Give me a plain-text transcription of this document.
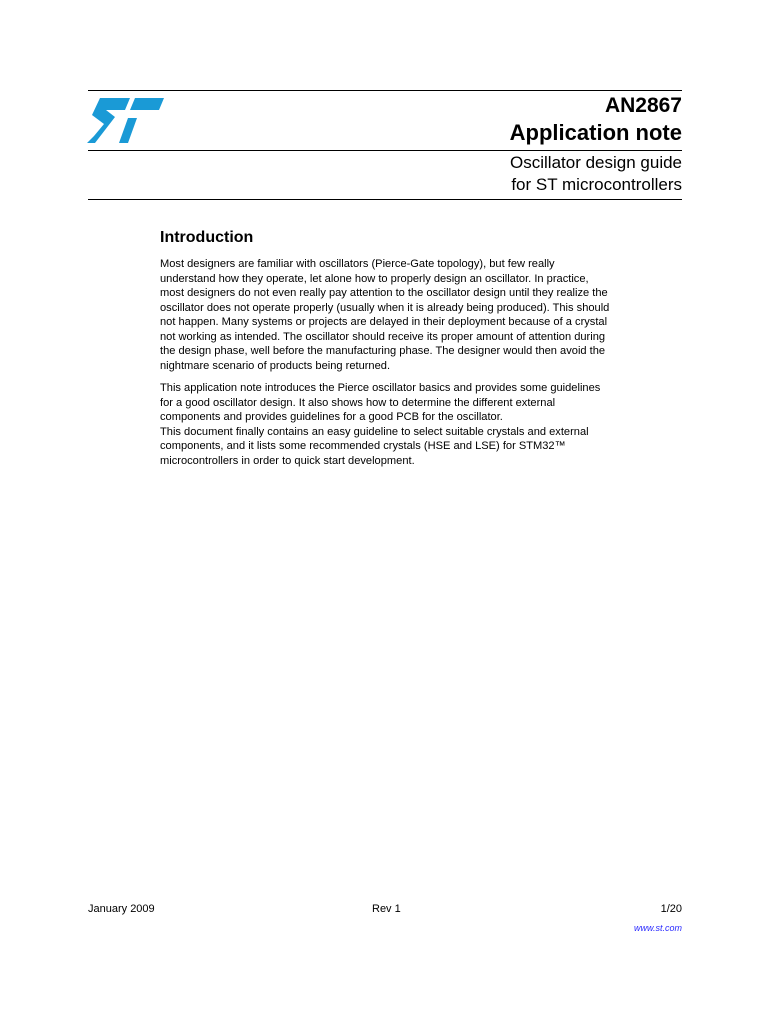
AN2867
Application note
Oscillator design guide
for ST microcontrollers
Introduction
Most designers are familiar with oscillators (Pierce-Gate topology), but few really
understand how they operate, let alone how to properly design an oscillator. In practice,
most designers do not even really pay attention to the oscillator design until they realize the
oscillator does not operate properly (usually when it is already being produced). This should
not happen. Many systems or projects are delayed in their deployment because of a crystal
not working as intended. The oscillator should receive its proper amount of attention during
the design phase, well before the manufacturing phase. The designer would then avoid the
nightmare scenario of products being returned.
This application note introduces the Pierce oscillator basics and provides some guidelines
for a good oscillator design. It also shows how to determine the different external
components and provides guidelines for a good PCB for the oscillator.
This document finally contains an easy guideline to select suitable crystals and external
components, and it lists some recommended crystals (HSE and LSE) for STM32™
microcontrollers in order to quick start development.
January 2009	Rev 1	1/20
www.st.com
